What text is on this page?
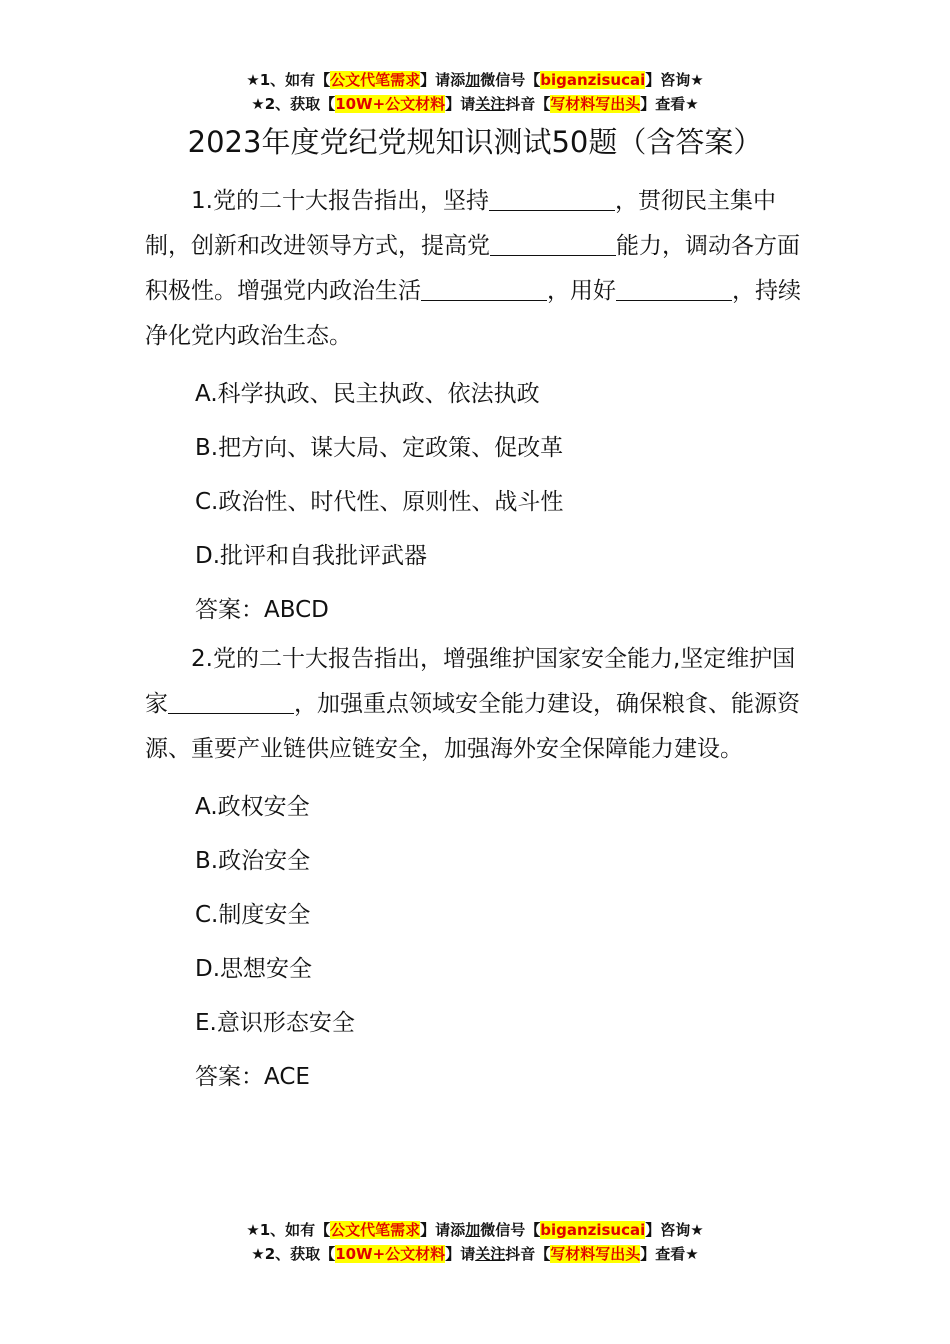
★1、如有【公文代笔需求】请添加微信号【biganzisucai】咨询★
★2、获取【10W+公文材料】请关注抖音【写材料写出头】查看★
2023年度党纪党规知识测试50题（含答案）

1.党的二十大报告指出，坚持	，贯彻民主集中制，创新和改进领导方式，提高党	能力，调动各方面积极性。增强党内政治生活	，用好	，持续净化党内政治生态。

A.科学执政、民主执政、依法执政

B.把方向、谋大局、定政策、促改革

C.政治性、时代性、原则性、战斗性

D.批评和自我批评武器

答案：ABCD

2.党的二十大报告指出，增强维护国家安全能力,坚定维护国家	，加强重点领域安全能力建设，确保粮食、能源资源、重要产业链供应链安全，加强海外安全保障能力建设。

A.政权安全

B.政治安全

C.制度安全

D.思想安全

E.意识形态安全

答案：ACE

★1、如有【公文代笔需求】请添加微信号【biganzisucai】咨询★
★2、获取【10W+公文材料】请关注抖音【写材料写出头】查看★
